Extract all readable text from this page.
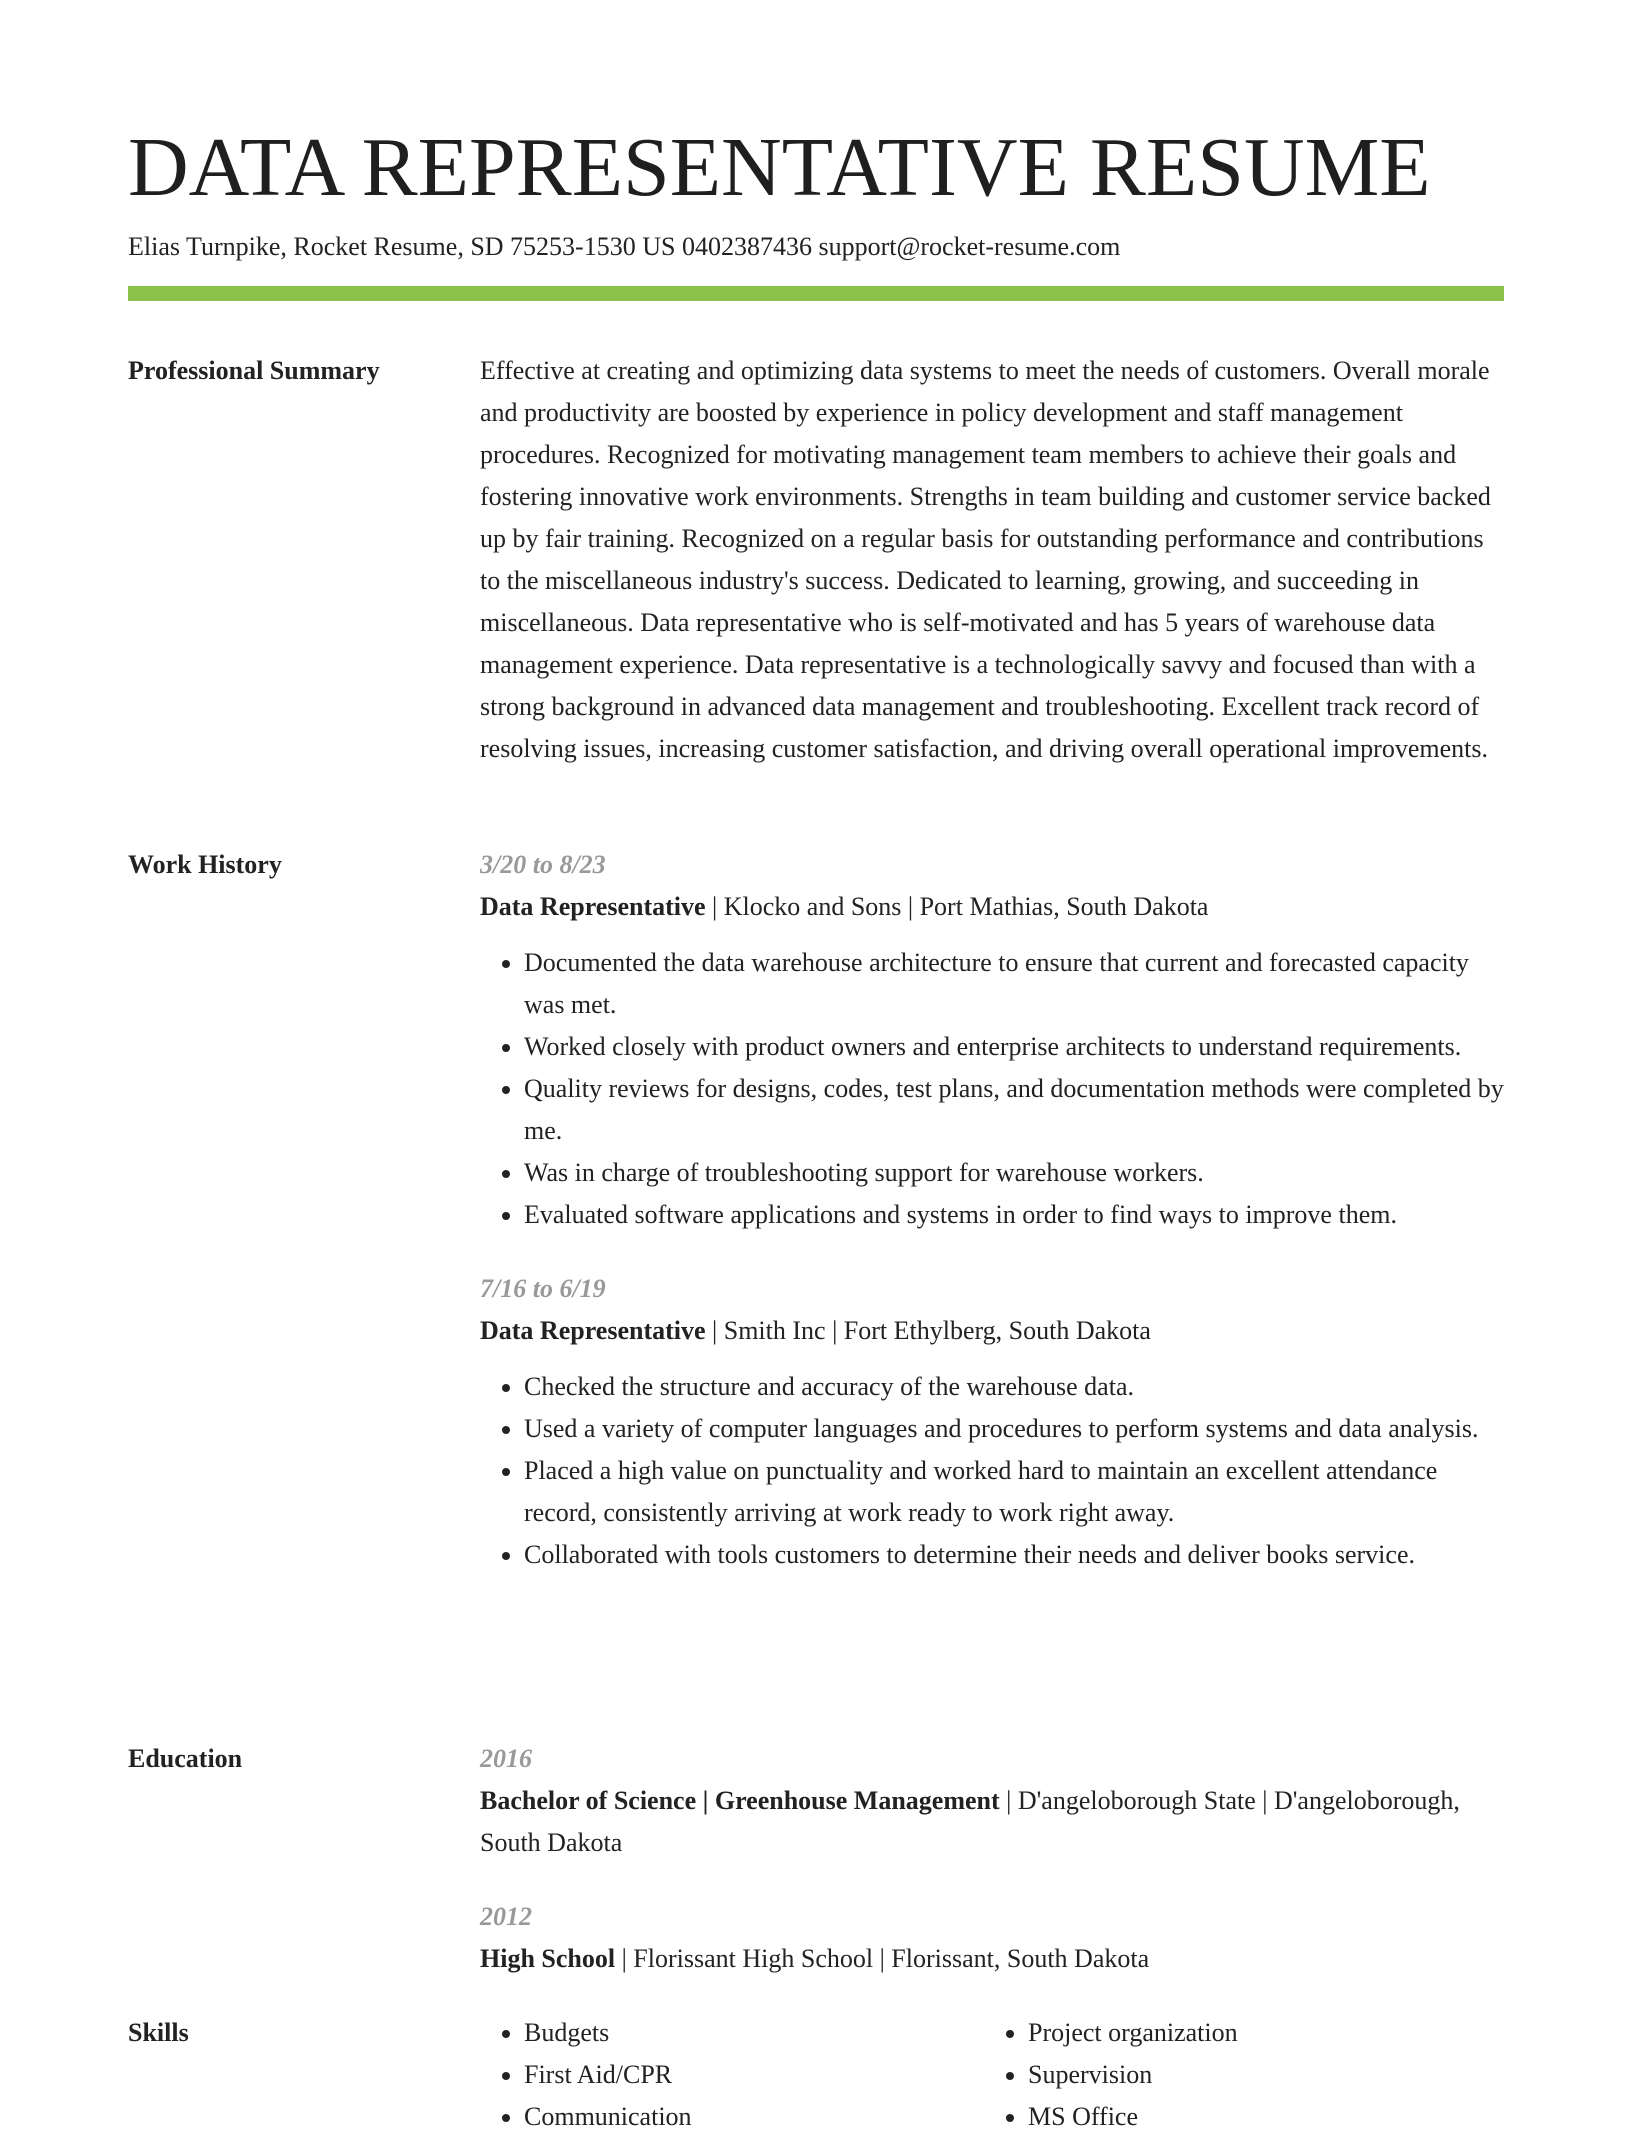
DATA REPRESENTATIVE RESUME
Elias Turnpike, Rocket Resume, SD 75253-1530 US 0402387436 support@rocket-resume.com
Professional Summary	Effective at creating and optimizing data systems to meet the needs of customers. Overall morale and productivity are boosted by experience in policy development and staff management procedures. Recognized for motivating management team members to achieve their goals and fostering innovative work environments. Strengths in team building and customer service backed up by fair training. Recognized on a regular basis for outstanding performance and contributions to the miscellaneous industry's success. Dedicated to learning, growing, and succeeding in miscellaneous. Data representative who is self-motivated and has 5 years of warehouse data management experience. Data representative is a technologically savvy and focused than with a strong background in advanced data management and troubleshooting. Excellent track record of resolving issues, increasing customer satisfaction, and driving overall operational improvements.
Work History	3/20 to 8/23
Data Representative | Klocko and Sons | Port Mathias, South Dakota
• Documented the data warehouse architecture to ensure that current and forecasted capacity was met.
• Worked closely with product owners and enterprise architects to understand requirements.
• Quality reviews for designs, codes, test plans, and documentation methods were completed by me.
• Was in charge of troubleshooting support for warehouse workers.
• Evaluated software applications and systems in order to find ways to improve them.
7/16 to 6/19
Data Representative | Smith Inc | Fort Ethylberg, South Dakota
• Checked the structure and accuracy of the warehouse data.
• Used a variety of computer languages and procedures to perform systems and data analysis.
• Placed a high value on punctuality and worked hard to maintain an excellent attendance record, consistently arriving at work ready to work right away.
• Collaborated with tools customers to determine their needs and deliver books service.
Education	2016
Bachelor of Science | Greenhouse Management | D'angeloborough State | D'angeloborough, South Dakota
2012
High School | Florissant High School | Florissant, South Dakota
Skills
•	Budgets
• First Aid/CPR
• Communication
• Project organization
• Supervision
• MS Office
